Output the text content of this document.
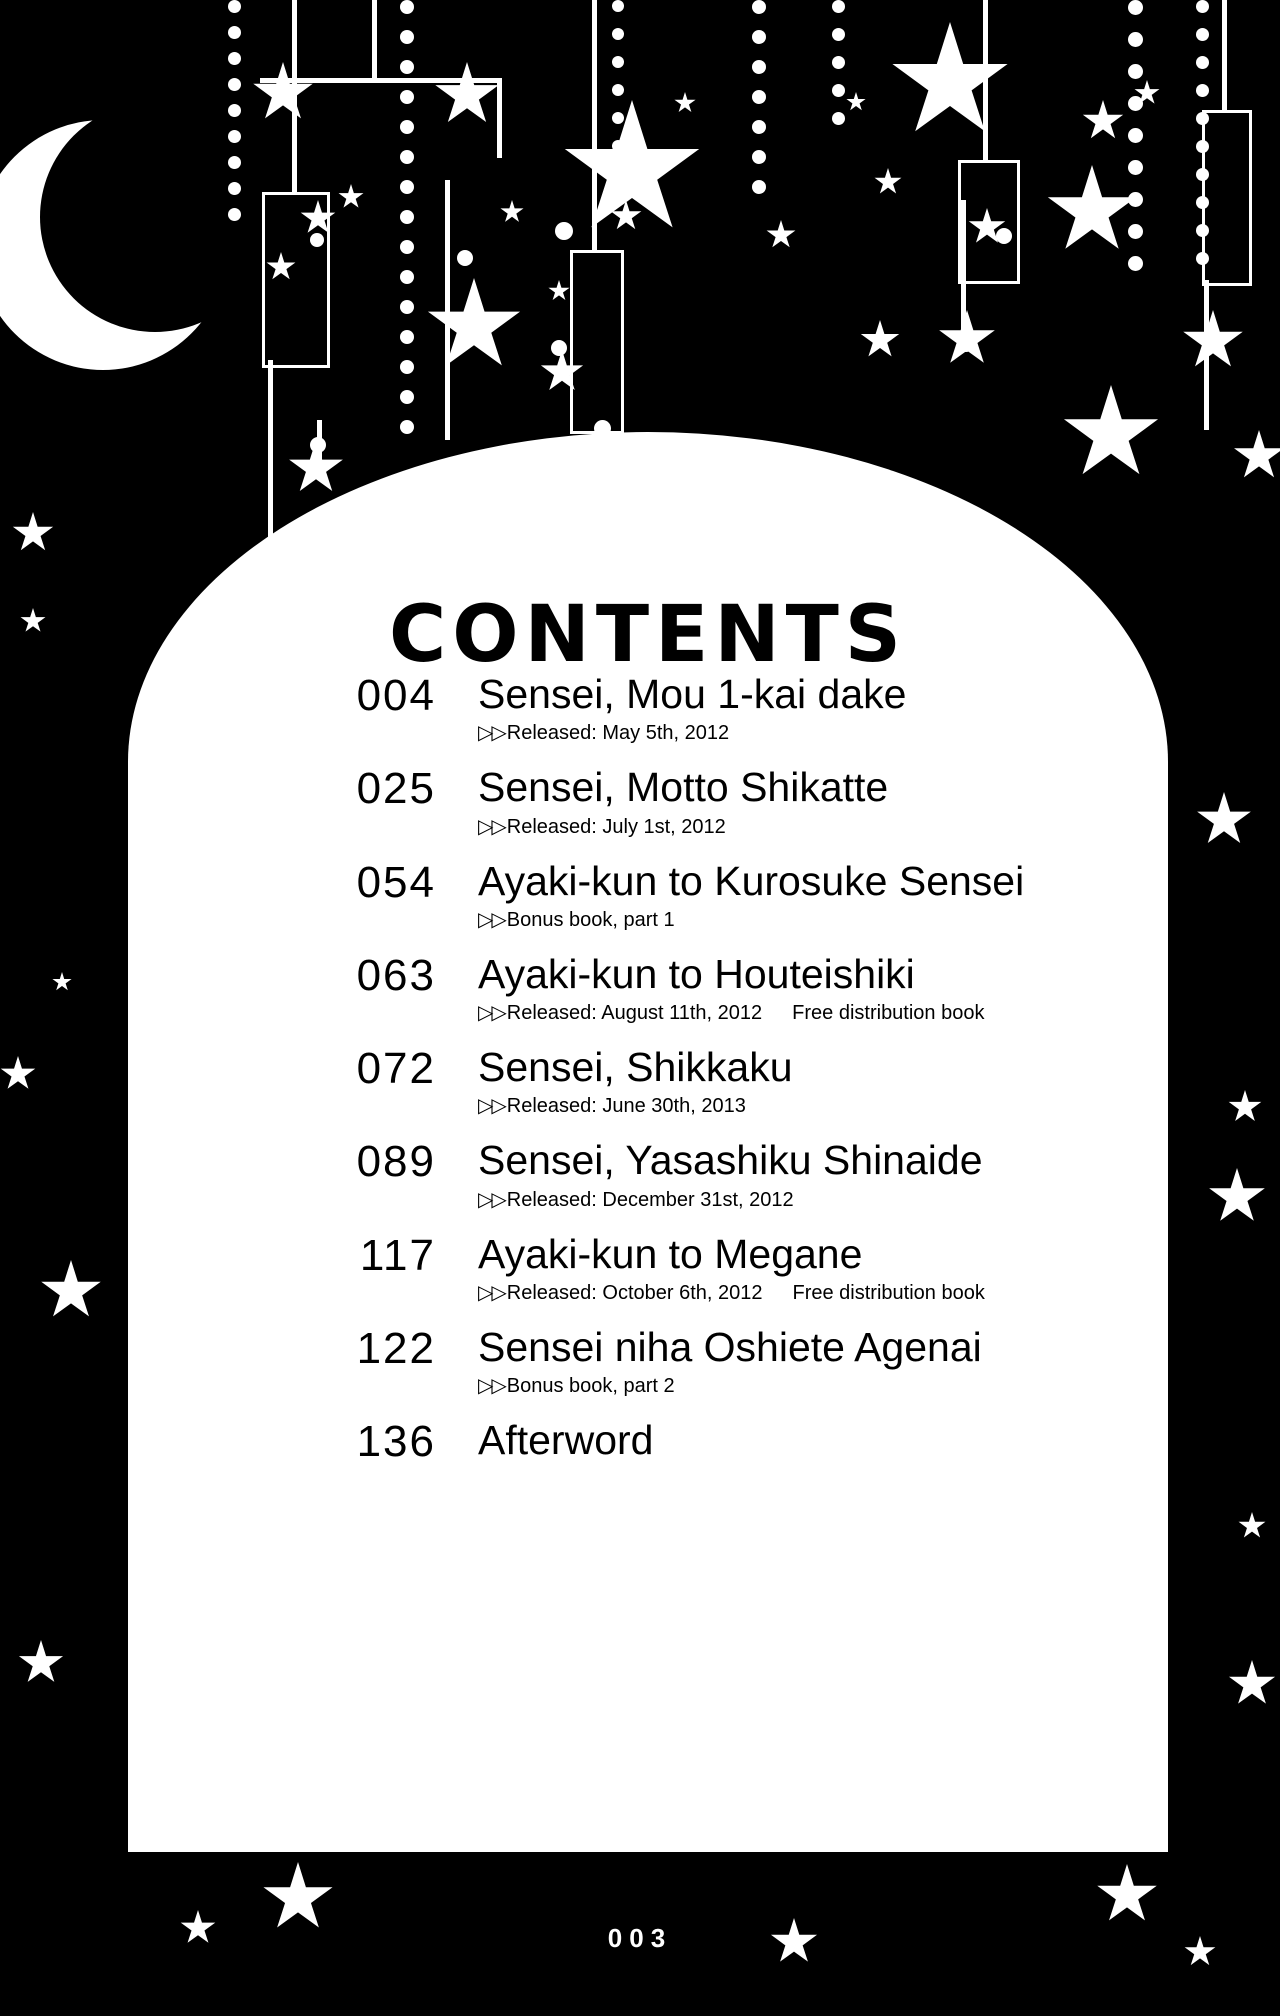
CONTENTS
004 Sensei, Mou 1-kai dake
▷▷ Released: May 5th, 2012
025 Sensei, Motto Shikatte
▷▷ Released: July 1st, 2012
054 Ayaki-kun to Kurosuke Sensei
▷▷ Bonus book, part 1
063 Ayaki-kun to Houteishiki
▷▷ Released: August 11th, 2012 Free distribution book
072 Sensei, Shikkaku
▷▷ Released: June 30th, 2013
089 Sensei, Yasashiku Shinaide
▷▷ Released: December 31st, 2012
117 Ayaki-kun to Megane
▷▷ Released: October 6th, 2012 Free distribution book
122 Sensei niha Oshiete Agenai
▷▷ Bonus book, part 2
136 Afterword
003
